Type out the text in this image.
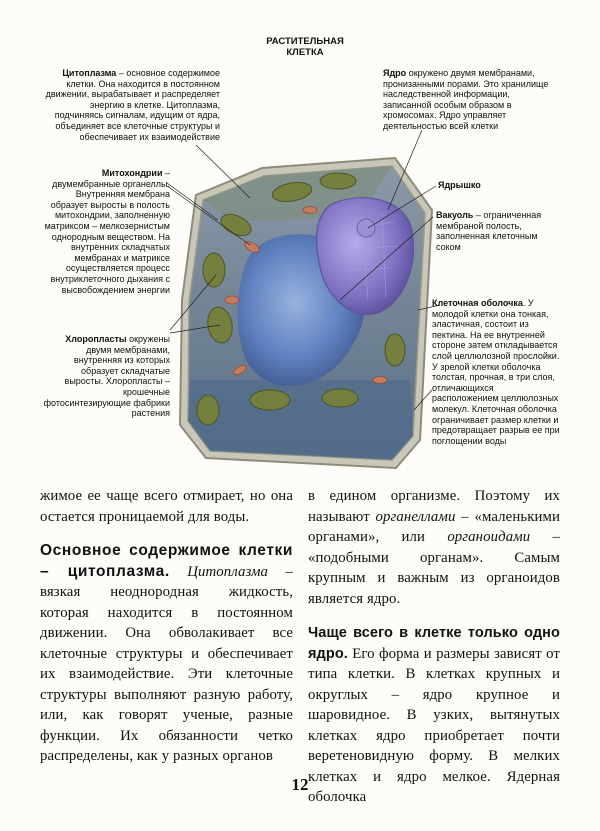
РАСТИТЕЛЬНАЯ
КЛЕТКА
Цитоплазма – основное содержимое клетки. Она находится в постоянном движении, вырабатывает и распределяет энергию в клетке. Цитоплазма, подчиняясь сигналам, идущим от ядра, объединяет все клеточные структуры и обеспечивает их взаимодействие
Митохондрии – двумембранные органеллы. Внутренняя мембрана образует выросты в полость митохондрии, заполненную матриксом – мелкозернистым однородным веществом. На внутренних складчатых мембранах и матриксе осуществляется процесс внутриклеточного дыхания с высвобождением энергии
Хлоропласты окружены двумя мембранами, внутренняя из которых образует складчатые выросты. Хлоропласты – крошечные фотосинтезирующие фабрики растения
Ядро окружено двумя мембранами, пронизанными порами. Это хранилище наследственной информации, записанной особым образом в хромосомах. Ядро управляет деятельностью всей клетки
Ядрышко
Вакуоль – ограниченная мембраной полость, заполненная клеточным соком
Клеточная оболочка. У молодой клетки она тонкая, эластичная, состоит из пектина. На ее внутренней стороне затем откладывается слой целлюлозной прослойки. У зрелой клетки оболочка толстая, прочная, в три слоя, отличающихся расположением целлюлозных молекул. Клеточная оболочка ограничивает размер клетки и предотвращает разрыв ее при поглощении воды

жимое ее чаще всего отмирает, но она остается проницаемой для воды.

Основное содержимое клетки – цитоплазма. Цитоплазма – вязкая неоднородная жидкость, которая находится в постоянном движении. Она обволакивает все клеточные структуры и обеспечивает их взаимодействие. Эти клеточные структуры выполняют разную работу, или, как говорят ученые, разные функции. Их обязанности четко распределены, как у разных органов

в едином организме. Поэтому их называют органеллами – «маленькими органами», или органоидами – «подобными органам». Самым крупным и важным из органоидов является ядро.

Чаще всего в клетке только одно ядро. Его форма и размеры зависят от типа клетки. В клетках крупных и округлых – ядро крупное и шаровидное. В узких, вытянутых клетках ядро приобретает почти веретеновидную форму. В мелких клетках и ядро мелкое. Ядерная оболочка

12
